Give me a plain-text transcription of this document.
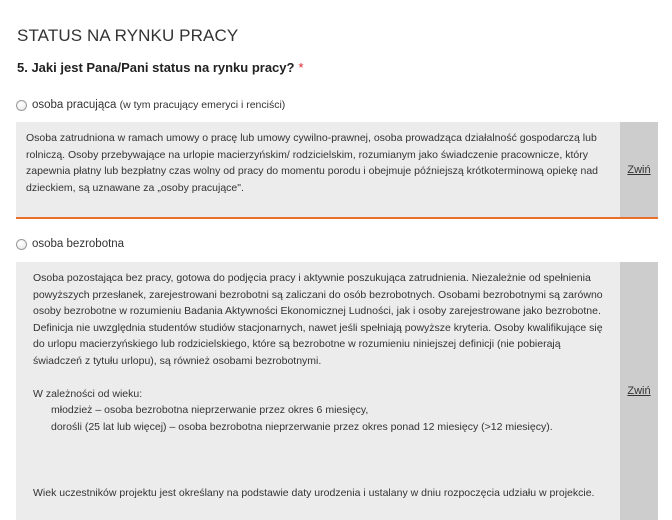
STATUS NA RYNKU PRACY
5. Jaki jest Pana/Pani status na rynku pracy? *
osoba pracująca (w tym pracujący emeryci i renciści)

Osoba zatrudniona w ramach umowy o pracę lub umowy cywilno-prawnej, osoba prowadząca działalność gospodarczą lub rolniczą. Osoby przebywające na urlopie macierzyńskim/ rodzicielskim, rozumianym jako świadczenie pracownicze, który zapewnia płatny lub bezpłatny czas wolny od pracy do momentu porodu i obejmuje późniejszą krótkoterminową opiekę nad dzieckiem, są uznawane za „osoby pracujące".

Zwiń
osoba bezrobotna

Osoba pozostająca bez pracy, gotowa do podjęcia pracy i aktywnie poszukująca zatrudnienia. Niezależnie od spełnienia powyższych przesłanek, zarejestrowani bezrobotni są zaliczani do osób bezrobotnych. Osobami bezrobotnymi są zarówno osoby bezrobotne w rozumieniu Badania Aktywności Ekonomicznej Ludności, jak i osoby zarejestrowane jako bezrobotne. Definicja nie uwzględnia studentów studiów stacjonarnych, nawet jeśli spełniają powyższe kryteria. Osoby kwalifikujące się do urlopu macierzyńskiego lub rodzicielskiego, które są bezrobotne w rozumieniu niniejszej definicji (nie pobierają świadczeń z tytułu urlopu), są również osobami bezrobotnymi.

W zależności od wieku:

młodzież – osoba bezrobotna nieprzerwanie przez okres 6 miesięcy,

dorośli (25 lat lub więcej) – osoba bezrobotna nieprzerwanie przez okres ponad 12 miesięcy (>12 miesięcy).

Wiek uczestników projektu jest określany na podstawie daty urodzenia i ustalany w dniu rozpoczęcia udziału w projekcie.

Zwiń
